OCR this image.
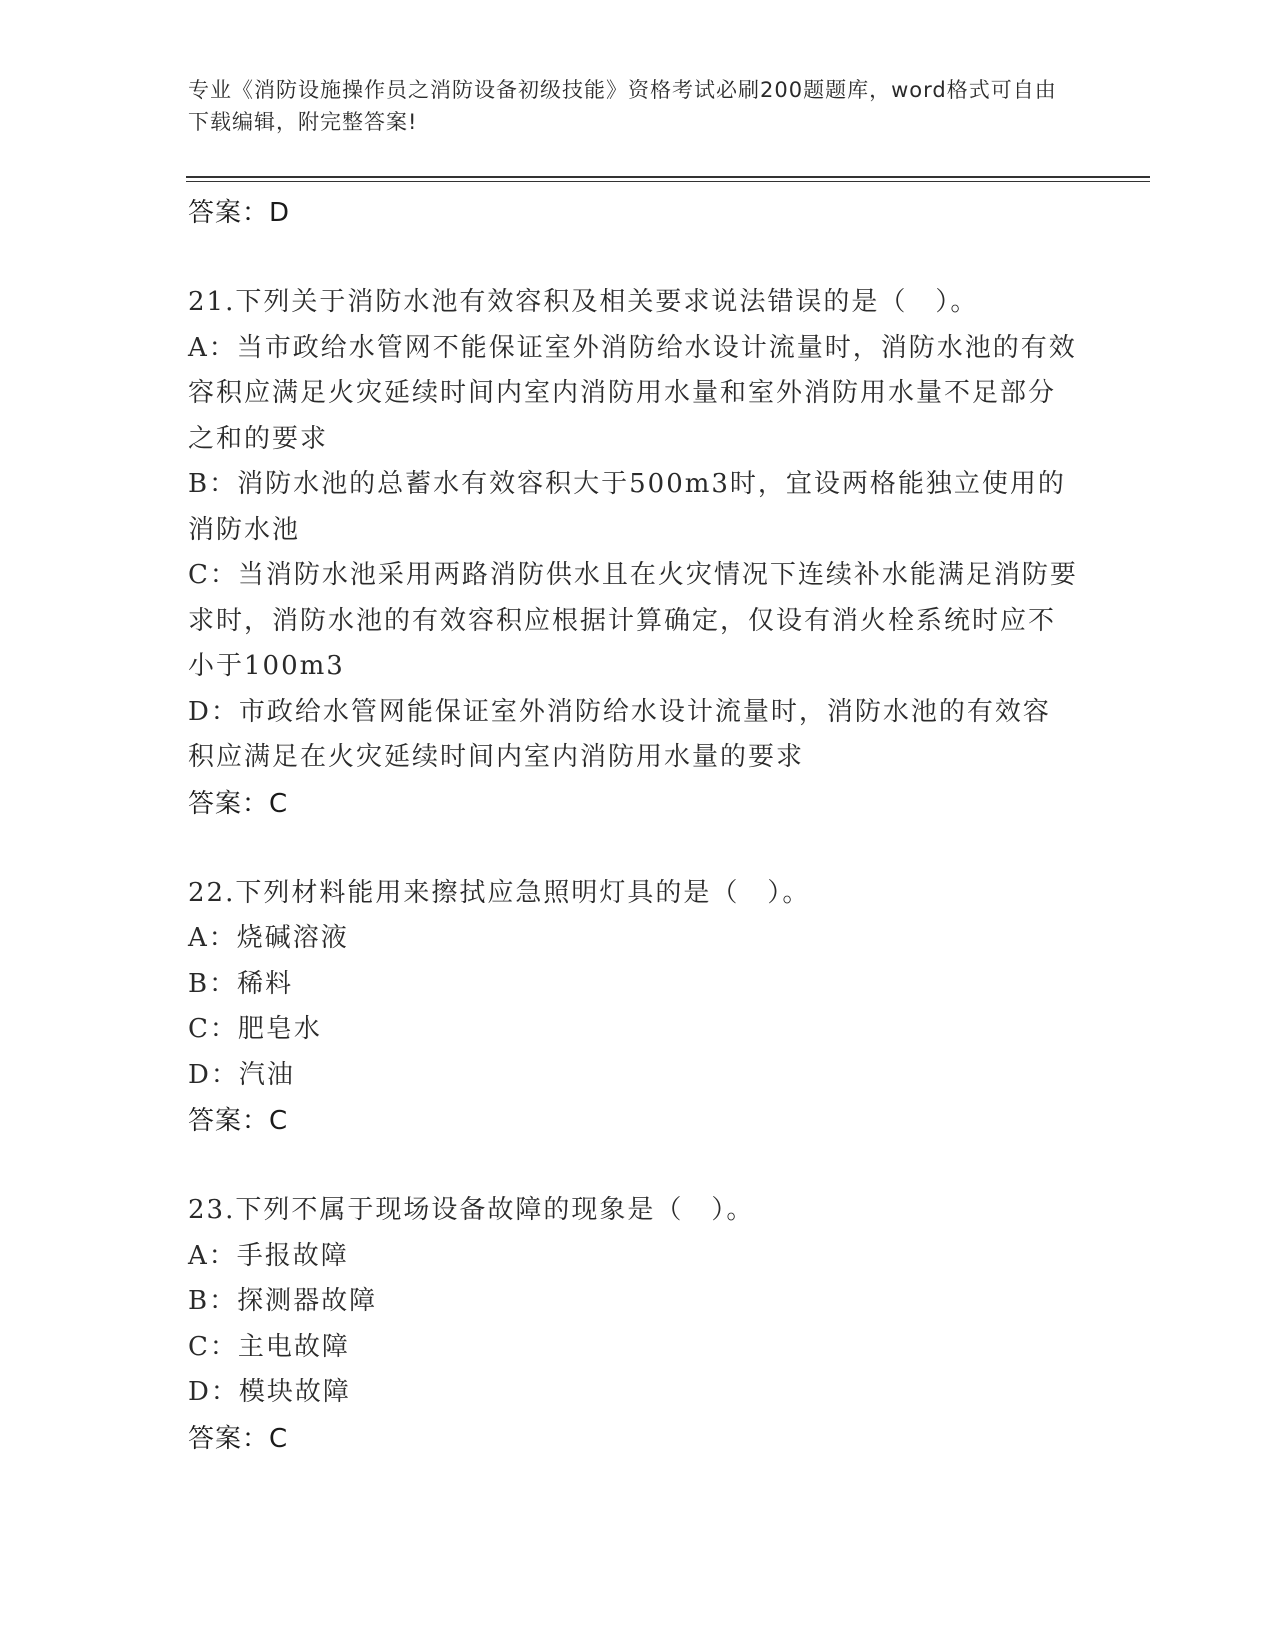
专业《消防设施操作员之消防设备初级技能》资格考试必刷200题题库，word格式可自由下载编辑，附完整答案!
答案：D

21.下列关于消防水池有效容积及相关要求说法错误的是（　）。

A：当市政给水管网不能保证室外消防给水设计流量时，消防水池的有效容积应满足火灾延续时间内室内消防用水量和室外消防用水量不足部分之和的要求

B：消防水池的总蓄水有效容积大于500m3时，宜设两格能独立使用的消防水池

C：当消防水池采用两路消防供水且在火灾情况下连续补水能满足消防要求时，消防水池的有效容积应根据计算确定，仅设有消火栓系统时应不小于100m3

D：市政给水管网能保证室外消防给水设计流量时，消防水池的有效容积应满足在火灾延续时间内室内消防用水量的要求

答案：C

22.下列材料能用来擦拭应急照明灯具的是（　）。

A：烧碱溶液

B：稀料

C：肥皂水

D：汽油

答案：C

23.下列不属于现场设备故障的现象是（　）。

A：手报故障

B：探测器故障

C：主电故障

D：模块故障

答案：C
